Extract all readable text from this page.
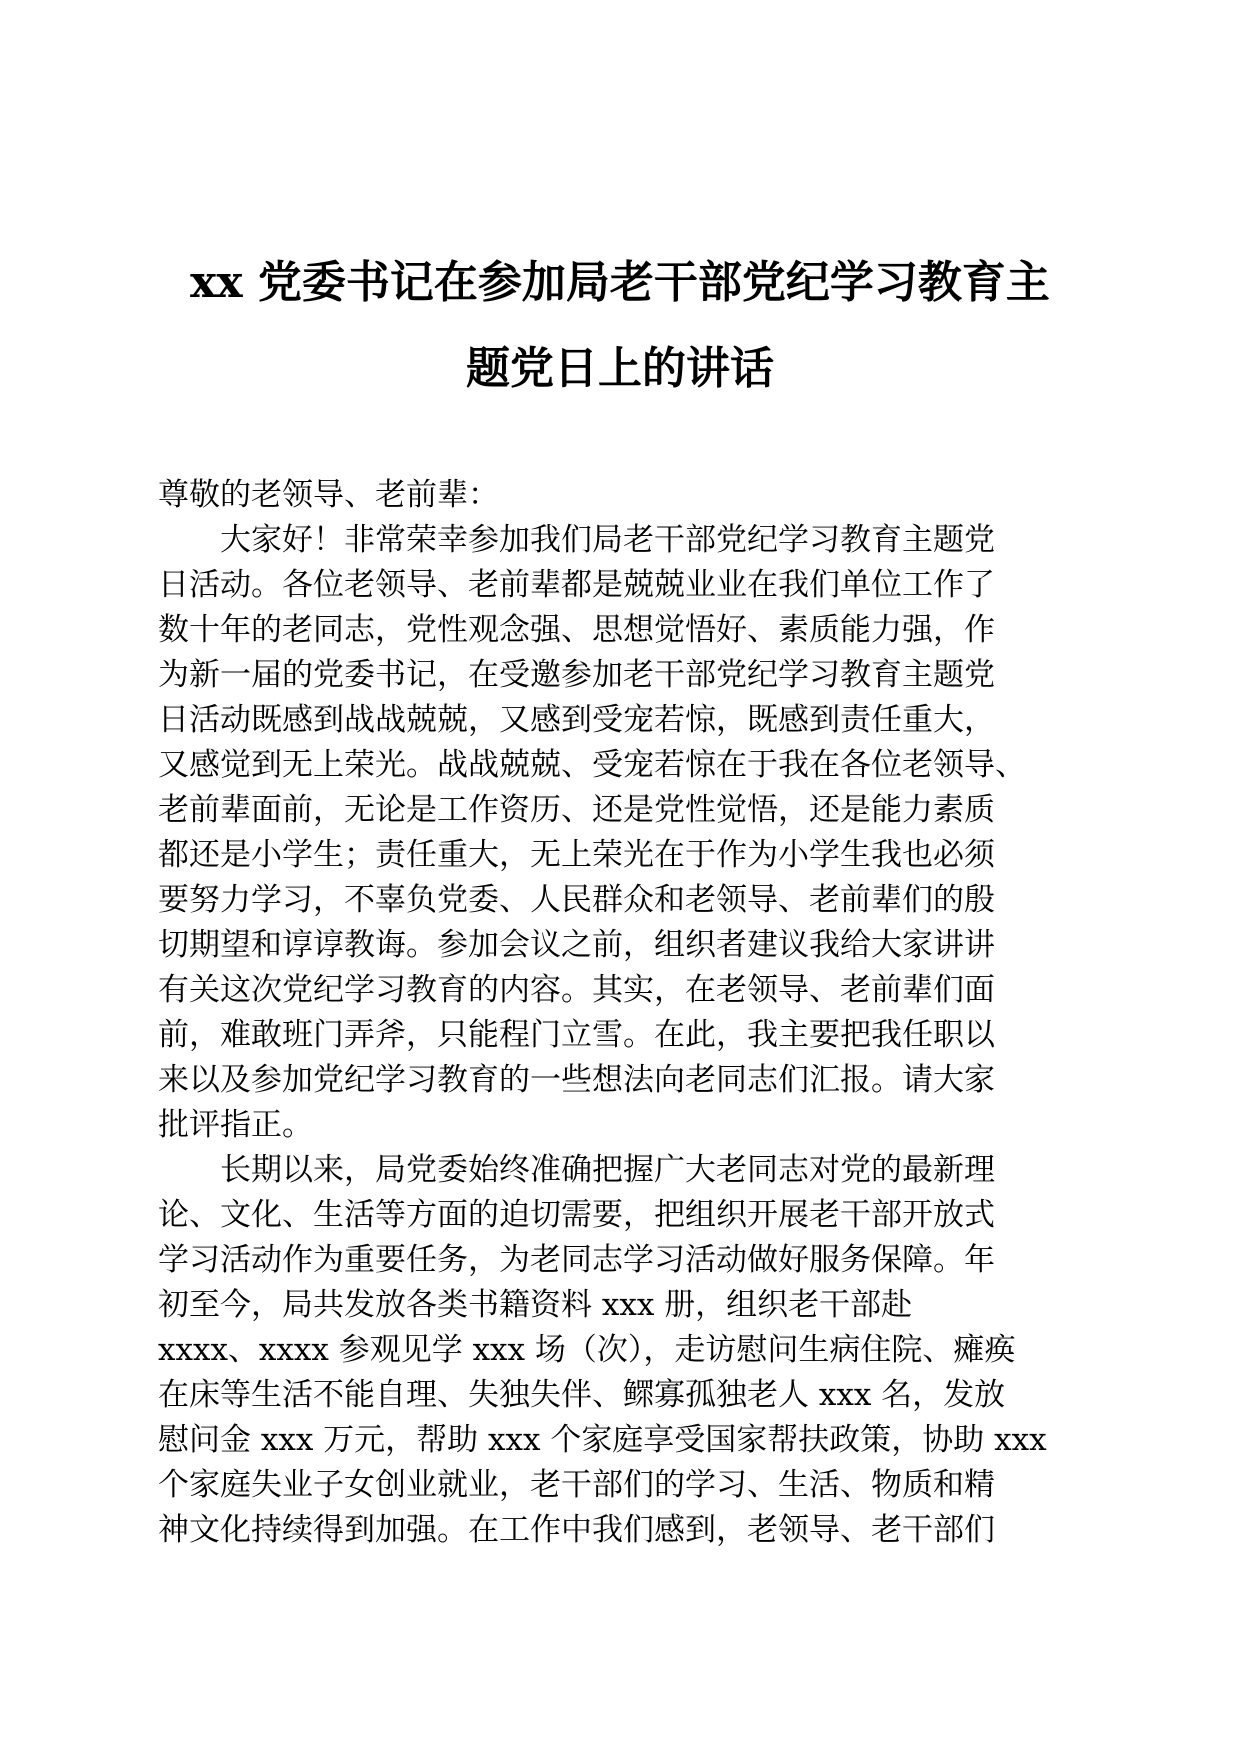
xx 党委书记在参加局老干部党纪学习教育主
题党日上的讲话
尊敬的老领导、老前辈：
大家好！非常荣幸参加我们局老干部党纪学习教育主题党
日活动。各位老领导、老前辈都是兢兢业业在我们单位工作了
数十年的老同志，党性观念强、思想觉悟好、素质能力强，作
为新一届的党委书记，在受邀参加老干部党纪学习教育主题党
日活动既感到战战兢兢，又感到受宠若惊，既感到责任重大，
又感觉到无上荣光。战战兢兢、受宠若惊在于我在各位老领导、
老前辈面前，无论是工作资历、还是党性觉悟，还是能力素质
都还是小学生；责任重大，无上荣光在于作为小学生我也必须
要努力学习，不辜负党委、人民群众和老领导、老前辈们的殷
切期望和谆谆教诲。参加会议之前，组织者建议我给大家讲讲
有关这次党纪学习教育的内容。其实，在老领导、老前辈们面
前，难敢班门弄斧，只能程门立雪。在此，我主要把我任职以
来以及参加党纪学习教育的一些想法向老同志们汇报。请大家
批评指正。
长期以来，局党委始终准确把握广大老同志对党的最新理
论、文化、生活等方面的迫切需要，把组织开展老干部开放式
学习活动作为重要任务，为老同志学习活动做好服务保障。年
初至今，局共发放各类书籍资料 xxx 册，组织老干部赴
xxxx、xxxx 参观见学 xxx 场（次），走访慰问生病住院、瘫痪
在床等生活不能自理、失独失伴、鳏寡孤独老人 xxx 名，发放
慰问金 xxx 万元，帮助 xxx 个家庭享受国家帮扶政策，协助 xxx
个家庭失业子女创业就业，老干部们的学习、生活、物质和精
神文化持续得到加强。在工作中我们感到，老领导、老干部们
